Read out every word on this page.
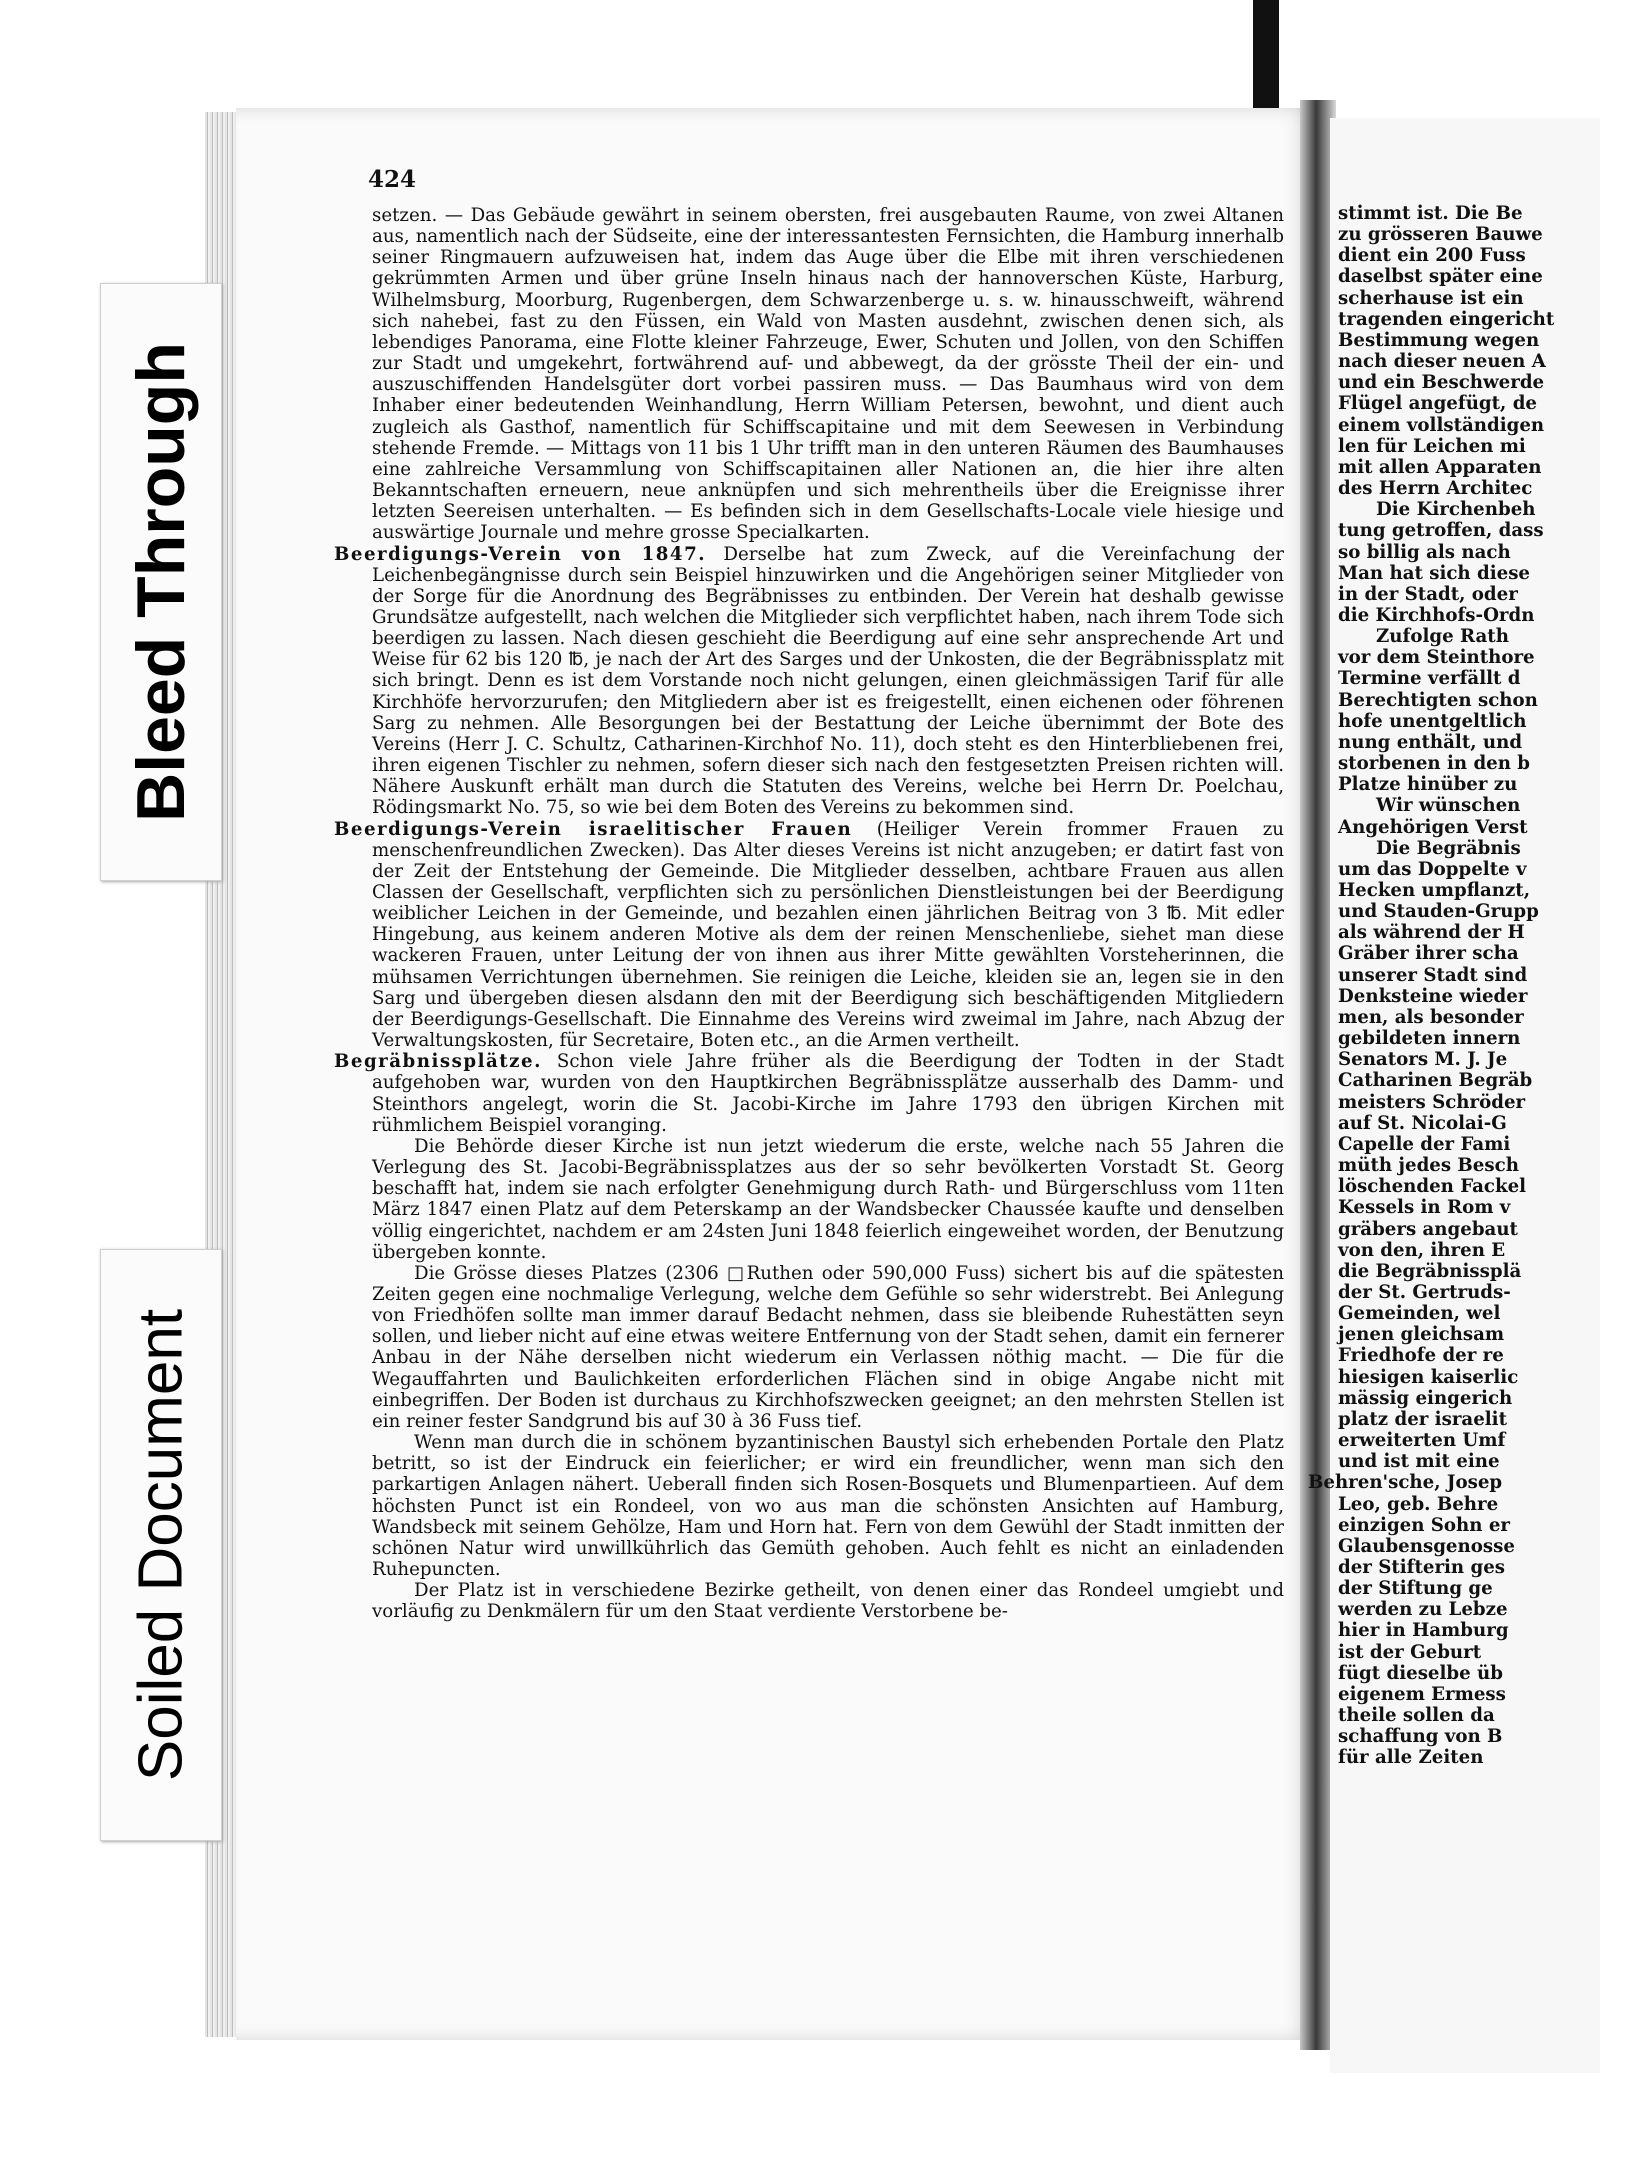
stimmt ist. Die Be
zu grösseren Bauwe
dient ein 200 Fuss
daselbst später eine
scherhause ist ein
tragenden eingericht
Bestimmung wegen
nach dieser neuen A
und ein Beschwerde
Flügel angefügt, de
einem vollständigen
len für Leichen mi
mit allen Apparaten
des Herrn Architec
Die Kirchenbeh
tung getroffen, dass
so billig als nach
Man hat sich diese
in der Stadt, oder
die Kirchhofs-Ordn
Zufolge Rath
vor dem Steinthore
Termine verfällt d
Berechtigten schon
hofe unentgeltlich
nung enthält, und
storbenen in den b
Platze hinüber zu
Wir wünschen
Angehörigen Verst
Die Begräbnis
um das Doppelte v
Hecken umpflanzt,
und Stauden-Grupp
als während der H
Gräber ihrer scha
unserer Stadt sind
Denksteine wieder
men, als besonder
gebildeten innern
Senators M. J. Je
Catharinen Begräb
meisters Schröder
auf St. Nicolai-G
Capelle der Fami
müth jedes Besch
löschenden Fackel
Kessels in Rom v
gräbers angebaut
von den, ihren E
die Begräbnissplä
der St. Gertruds-
Gemeinden, wel
jenen gleichsam
Friedhofe der re
hiesigen kaiserlic
mässig eingerich
platz der israelit
erweiterten Umf
und ist mit eine
Behren'sche, Josep
Leo, geb. Behre
einzigen Sohn er
Glaubensgenosse
der Stifterin ges
der Stiftung ge
werden zu Lebze
hier in Hamburg
ist der Geburt
fügt dieselbe üb
eigenem Ermess
theile sollen da
schaffung von B
für alle Zeiten
424

setzen. — Das Gebäude gewährt in seinem obersten, frei ausgebauten Raume, von zwei Altanen aus, namentlich nach der Südseite, eine der interessantesten Fernsichten, die Hamburg innerhalb seiner Ringmauern aufzuweisen hat, indem das Auge über die Elbe mit ihren verschiedenen gekrümmten Armen und über grüne Inseln hinaus nach der hannoverschen Küste, Harburg, Wilhelmsburg, Moorburg, Rugenbergen, dem Schwarzenberge u. s. w. hinausschweift, während sich nahebei, fast zu den Füssen, ein Wald von Masten ausdehnt, zwischen denen sich, als lebendiges Panorama, eine Flotte kleiner Fahrzeuge, Ewer, Schuten und Jollen, von den Schiffen zur Stadt und umgekehrt, fortwährend auf- und abbewegt, da der grösste Theil der ein- und auszuschiffenden Handelsgüter dort vorbei passiren muss. — Das Baumhaus wird von dem Inhaber einer bedeutenden Weinhandlung, Herrn William Petersen, bewohnt, und dient auch zugleich als Gasthof, namentlich für Schiffscapitaine und mit dem Seewesen in Verbindung stehende Fremde. — Mittags von 11 bis 1 Uhr trifft man in den unteren Räumen des Baumhauses eine zahlreiche Versammlung von Schiffscapitainen aller Nationen an, die hier ihre alten Bekanntschaften erneuern, neue anknüpfen und sich mehrentheils über die Ereignisse ihrer letzten Seereisen unterhalten. — Es befinden sich in dem Gesellschafts-Locale viele hiesige und auswärtige Journale und mehre grosse Specialkarten.

Beerdigungs-Verein von 1847. Derselbe hat zum Zweck, auf die Vereinfachung der Leichenbegängnisse durch sein Beispiel hinzuwirken und die Angehörigen seiner Mitglieder von der Sorge für die Anordnung des Begräbnisses zu entbinden. Der Verein hat deshalb gewisse Grundsätze aufgestellt, nach welchen die Mitglieder sich verpflichtet haben, nach ihrem Tode sich beerdigen zu lassen. Nach diesen geschieht die Beerdigung auf eine sehr ansprechende Art und Weise für 62 bis 120 ℔, je nach der Art des Sarges und der Unkosten, die der Begräbnissplatz mit sich bringt. Denn es ist dem Vorstande noch nicht gelungen, einen gleichmässigen Tarif für alle Kirchhöfe hervorzurufen; den Mitgliedern aber ist es freigestellt, einen eichenen oder föhrenen Sarg zu nehmen. Alle Besorgungen bei der Bestattung der Leiche übernimmt der Bote des Vereins (Herr J. C. Schultz, Catharinen-Kirchhof No. 11), doch steht es den Hinterbliebenen frei, ihren eigenen Tischler zu nehmen, sofern dieser sich nach den festgesetzten Preisen richten will. Nähere Auskunft erhält man durch die Statuten des Vereins, welche bei Herrn Dr. Poelchau, Rödingsmarkt No. 75, so wie bei dem Boten des Vereins zu bekommen sind.

Beerdigungs-Verein israelitischer Frauen (Heiliger Verein frommer Frauen zu menschenfreundlichen Zwecken). Das Alter dieses Vereins ist nicht anzugeben; er datirt fast von der Zeit der Entstehung der Gemeinde. Die Mitglieder desselben, achtbare Frauen aus allen Classen der Gesellschaft, verpflichten sich zu persönlichen Dienstleistungen bei der Beerdigung weiblicher Leichen in der Gemeinde, und bezahlen einen jährlichen Beitrag von 3 ℔. Mit edler Hingebung, aus keinem anderen Motive als dem der reinen Menschenliebe, siehet man diese wackeren Frauen, unter Leitung der von ihnen aus ihrer Mitte gewählten Vorsteherinnen, die mühsamen Verrichtungen übernehmen. Sie reinigen die Leiche, kleiden sie an, legen sie in den Sarg und übergeben diesen alsdann den mit der Beerdigung sich beschäftigenden Mitgliedern der Beerdigungs-Gesellschaft. Die Einnahme des Vereins wird zweimal im Jahre, nach Abzug der Verwaltungskosten, für Secretaire, Boten etc., an die Armen vertheilt.

Begräbnissplätze. Schon viele Jahre früher als die Beerdigung der Todten in der Stadt aufgehoben war, wurden von den Hauptkirchen Begräbnissplätze ausserhalb des Damm- und Steinthors angelegt, worin die St. Jacobi-Kirche im Jahre 1793 den übrigen Kirchen mit rühmlichem Beispiel voranging.

Die Behörde dieser Kirche ist nun jetzt wiederum die erste, welche nach 55 Jahren die Verlegung des St. Jacobi-Begräbnissplatzes aus der so sehr bevölkerten Vorstadt St. Georg beschafft hat, indem sie nach erfolgter Genehmigung durch Rath- und Bürgerschluss vom 11ten März 1847 einen Platz auf dem Peterskamp an der Wandsbecker Chaussée kaufte und denselben völlig eingerichtet, nachdem er am 24sten Juni 1848 feierlich eingeweihet worden, der Benutzung übergeben konnte.

Die Grösse dieses Platzes (2306 □Ruthen oder 590,000 Fuss) sichert bis auf die spätesten Zeiten gegen eine nochmalige Verlegung, welche dem Gefühle so sehr widerstrebt. Bei Anlegung von Friedhöfen sollte man immer darauf Bedacht nehmen, dass sie bleibende Ruhestätten seyn sollen, und lieber nicht auf eine etwas weitere Entfernung von der Stadt sehen, damit ein fernerer Anbau in der Nähe derselben nicht wiederum ein Verlassen nöthig macht. — Die für die Wegauffahrten und Baulichkeiten erforderlichen Flächen sind in obige Angabe nicht mit einbegriffen. Der Boden ist durchaus zu Kirchhofszwecken geeignet; an den mehrsten Stellen ist ein reiner fester Sandgrund bis auf 30 à 36 Fuss tief.

Wenn man durch die in schönem byzantinischen Baustyl sich erhebenden Portale den Platz betritt, so ist der Eindruck ein feierlicher; er wird ein freundlicher, wenn man sich den parkartigen Anlagen nähert. Ueberall finden sich Rosen-Bosquets und Blumenpartieen. Auf dem höchsten Punct ist ein Rondeel, von wo aus man die schönsten Ansichten auf Hamburg, Wandsbeck mit seinem Gehölze, Ham und Horn hat. Fern von dem Gewühl der Stadt inmitten der schönen Natur wird unwillkührlich das Gemüth gehoben. Auch fehlt es nicht an einladenden Ruhepuncten.

Der Platz ist in verschiedene Bezirke getheilt, von denen einer das Rondeel umgiebt und vorläufig zu Denkmälern für um den Staat verdiente Verstorbene be-

Bleed Through
Soiled Document
